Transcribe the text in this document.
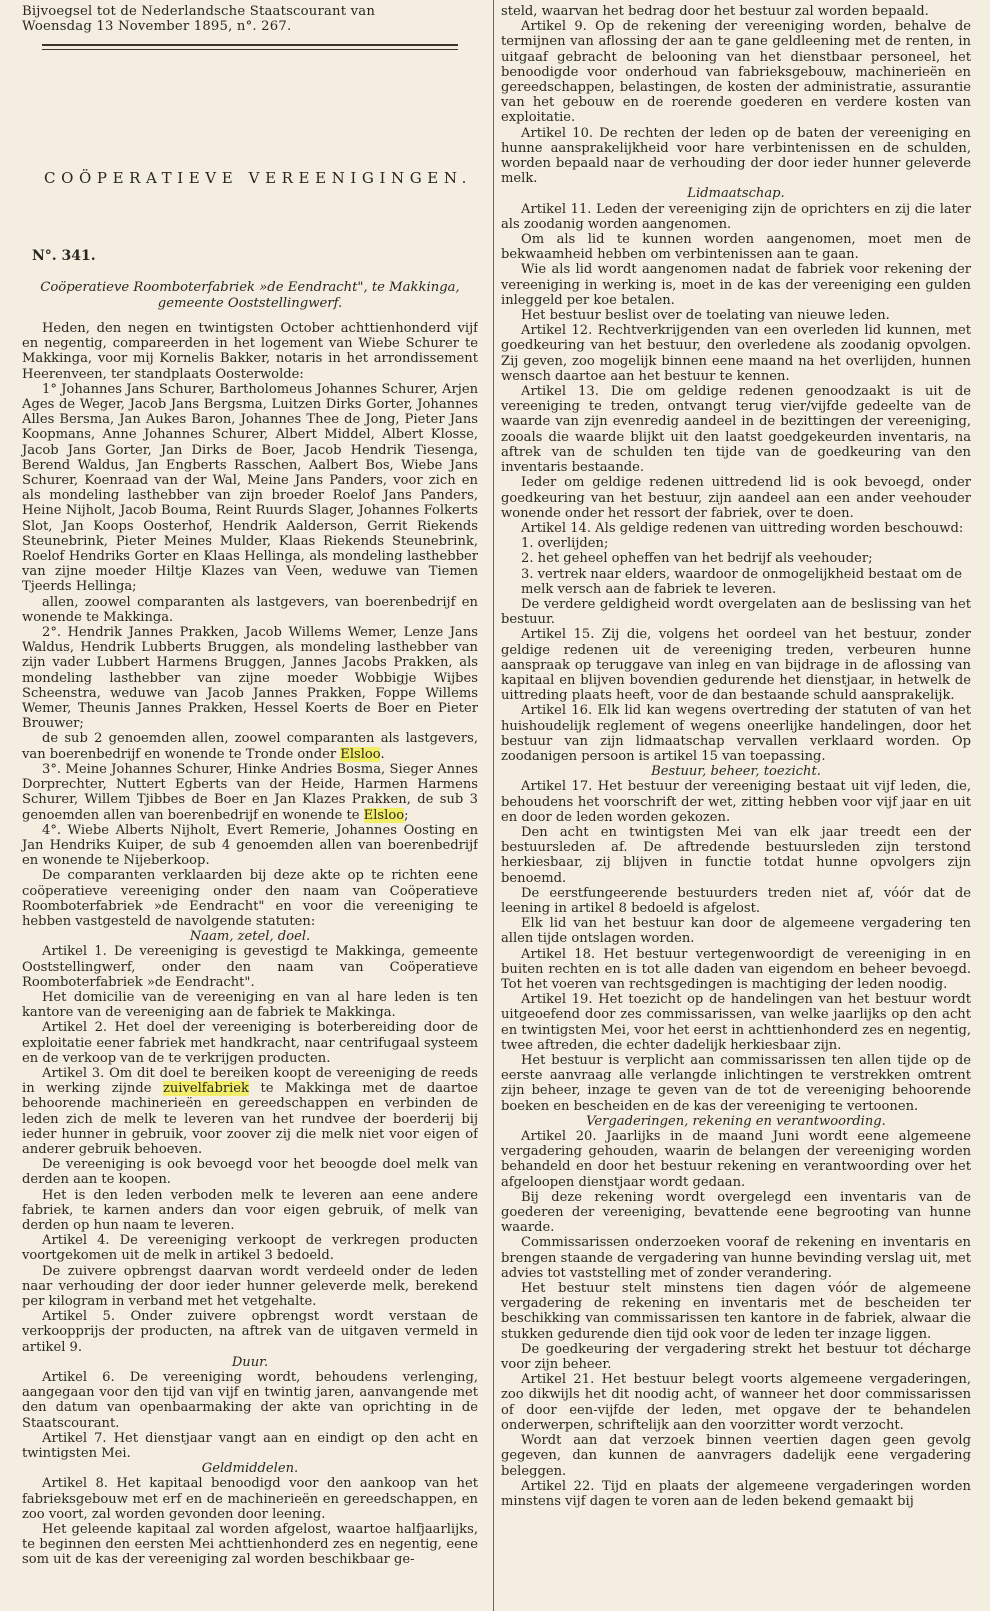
Bijvoegsel tot de Nederlandsche Staatscourant van

Woensdag 13 November 1895, n°. 267.

COÖPERATIEVE VEREENIGINGEN.
N°. 341.
Coöperatieve Roomboterfabriek »de Eendracht", te Makkinga, gemeente Ooststellingwerf.

Heden, den negen en twintigsten October achttienhonderd vijf en negentig, compareerden in het logement van Wiebe Schurer te Makkinga, voor mij Kornelis Bakker, notaris in het arrondissement Heerenveen, ter standplaats Oosterwolde:

1° Johannes Jans Schurer, Bartholomeus Johannes Schurer, Arjen Ages de Weger, Jacob Jans Bergsma, Luitzen Dirks Gorter, Johannes Alles Bersma, Jan Aukes Baron, Johannes Thee de Jong, Pieter Jans Koopmans, Anne Johannes Schurer, Albert Middel, Albert Klosse, Jacob Jans Gorter, Jan Dirks de Boer, Jacob Hendrik Tiesenga, Berend Waldus, Jan Engberts Rasschen, Aalbert Bos, Wiebe Jans Schurer, Koenraad van der Wal, Meine Jans Panders, voor zich en als mondeling lasthebber van zijn broeder Roelof Jans Panders, Heine Nijholt, Jacob Bouma, Reint Ruurds Slager, Johannes Folkerts Slot, Jan Koops Oosterhof, Hendrik Aalderson, Gerrit Riekends Steunebrink, Pieter Meines Mulder, Klaas Riekends Steunebrink, Roelof Hendriks Gorter en Klaas Hellinga, als mondeling lasthebber van zijne moeder Hiltje Klazes van Veen, weduwe van Tiemen Tjeerds Hellinga;

allen, zoowel comparanten als lastgevers, van boerenbedrijf en wonende te Makkinga.

2°. Hendrik Jannes Prakken, Jacob Willems Wemer, Lenze Jans Waldus, Hendrik Lubberts Bruggen, als mondeling lasthebber van zijn vader Lubbert Harmens Bruggen, Jannes Jacobs Prakken, als mondeling lasthebber van zijne moeder Wobbigje Wijbes Scheenstra, weduwe van Jacob Jannes Prakken, Foppe Willems Wemer, Theunis Jannes Prakken, Hessel Koerts de Boer en Pieter Brouwer;

de sub 2 genoemden allen, zoowel comparanten als lastgevers, van boerenbedrijf en wonende te Tronde onder Elsloo.

3°. Meine Johannes Schurer, Hinke Andries Bosma, Sieger Annes Dorprechter, Nuttert Egberts van der Heide, Harmen Harmens Schurer, Willem Tjibbes de Boer en Jan Klazes Prakken, de sub 3 genoemden allen van boerenbedrijf en wonende te Elsloo;

4°. Wiebe Alberts Nijholt, Evert Remerie, Johannes Oosting en Jan Hendriks Kuiper, de sub 4 genoemden allen van boerenbedrijf en wonende te Nijeberkoop.

De comparanten verklaarden bij deze akte op te richten eene coöperatieve vereeniging onder den naam van Coöperatieve Roomboterfabriek »de Eendracht" en voor die vereeniging te hebben vastgesteld de navolgende statuten:

Naam, zetel, doel.

Artikel 1. De vereeniging is gevestigd te Makkinga, gemeente Ooststellingwerf, onder den naam van Coöperatieve Roomboterfabriek »de Eendracht".

Het domicilie van de vereeniging en van al hare leden is ten kantore van de vereeniging aan de fabriek te Makkinga.

Artikel 2. Het doel der vereeniging is boterbereiding door de exploitatie eener fabriek met handkracht, naar centrifugaal systeem en de verkoop van de te verkrijgen producten.

Artikel 3. Om dit doel te bereiken koopt de vereeniging de reeds in werking zijnde zuivelfabriek te Makkinga met de daartoe behoorende machinerieën en gereedschappen en verbinden de leden zich de melk te leveren van het rundvee der boerderij bij ieder hunner in gebruik, voor zoover zij die melk niet voor eigen of anderer gebruik behoeven.

De vereeniging is ook bevoegd voor het beoogde doel melk van derden aan te koopen.

Het is den leden verboden melk te leveren aan eene andere fabriek, te karnen anders dan voor eigen gebruik, of melk van derden op hun naam te leveren.

Artikel 4. De vereeniging verkoopt de verkregen producten voortgekomen uit de melk in artikel 3 bedoeld.

De zuivere opbrengst daarvan wordt verdeeld onder de leden naar verhouding der door ieder hunner geleverde melk, berekend per kilogram in verband met het vetgehalte.

Artikel 5. Onder zuivere opbrengst wordt verstaan de verkoopprijs der producten, na aftrek van de uitgaven vermeld in artikel 9.

Duur.

Artikel 6. De vereeniging wordt, behoudens verlenging, aangegaan voor den tijd van vijf en twintig jaren, aanvangende met den datum van openbaarmaking der akte van oprichting in de Staatscourant.

Artikel 7. Het dienstjaar vangt aan en eindigt op den acht en twintigsten Mei.

Geldmiddelen.

Artikel 8. Het kapitaal benoodigd voor den aankoop van het fabrieksgebouw met erf en de machinerieën en gereedschappen, en zoo voort, zal worden gevonden door leening.

Het geleende kapitaal zal worden afgelost, waartoe halfjaarlijks, te beginnen den eersten Mei achttienhonderd zes en negentig, eene som uit de kas der vereeniging zal worden beschikbaar ge-

steld, waarvan het bedrag door het bestuur zal worden bepaald.

Artikel 9. Op de rekening der vereeniging worden, behalve de termijnen van aflossing der aan te gane geldleening met de renten, in uitgaaf gebracht de belooning van het dienstbaar personeel, het benoodigde voor onderhoud van fabrieksgebouw, machinerieën en gereedschappen, belastingen, de kosten der administratie, assurantie van het gebouw en de roerende goederen en verdere kosten van exploitatie.

Artikel 10. De rechten der leden op de baten der vereeniging en hunne aansprakelijkheid voor hare verbintenissen en de schulden, worden bepaald naar de verhouding der door ieder hunner geleverde melk.

Lidmaatschap.

Artikel 11. Leden der vereeniging zijn de oprichters en zij die later als zoodanig worden aangenomen.

Om als lid te kunnen worden aangenomen, moet men de bekwaamheid hebben om verbintenissen aan te gaan.

Wie als lid wordt aangenomen nadat de fabriek voor rekening der vereeniging in werking is, moet in de kas der vereeniging een gulden inleggeld per koe betalen.

Het bestuur beslist over de toelating van nieuwe leden.

Artikel 12. Rechtverkrijgenden van een overleden lid kunnen, met goedkeuring van het bestuur, den overledene als zoodanig opvolgen. Zij geven, zoo mogelijk binnen eene maand na het overlijden, hunnen wensch daartoe aan het bestuur te kennen.

Artikel 13. Die om geldige redenen genoodzaakt is uit de vereeniging te treden, ontvangt terug vier/vijfde gedeelte van de waarde van zijn evenredig aandeel in de bezittingen der vereeniging, zooals die waarde blijkt uit den laatst goedgekeurden inventaris, na aftrek van de schulden ten tijde van de goedkeuring van den inventaris bestaande.

Ieder om geldige redenen uittredend lid is ook bevoegd, onder goedkeuring van het bestuur, zijn aandeel aan een ander veehouder wonende onder het ressort der fabriek, over te doen.

Artikel 14. Als geldige redenen van uittreding worden beschouwd:

1. overlijden;

2. het geheel opheffen van het bedrijf als veehouder;

3. vertrek naar elders, waardoor de onmogelijkheid bestaat om de melk versch aan de fabriek te leveren.

De verdere geldigheid wordt overgelaten aan de beslissing van het bestuur.

Artikel 15. Zij die, volgens het oordeel van het bestuur, zonder geldige redenen uit de vereeniging treden, verbeuren hunne aanspraak op teruggave van inleg en van bijdrage in de aflossing van kapitaal en blijven bovendien gedurende het dienstjaar, in hetwelk de uittreding plaats heeft, voor de dan bestaande schuld aansprakelijk.

Artikel 16. Elk lid kan wegens overtreding der statuten of van het huishoudelijk reglement of wegens oneerlijke handelingen, door het bestuur van zijn lidmaatschap vervallen verklaard worden. Op zoodanigen persoon is artikel 15 van toepassing.

Bestuur, beheer, toezicht.

Artikel 17. Het bestuur der vereeniging bestaat uit vijf leden, die, behoudens het voorschrift der wet, zitting hebben voor vijf jaar en uit en door de leden worden gekozen.

Den acht en twintigsten Mei van elk jaar treedt een der bestuursleden af. De aftredende bestuursleden zijn terstond herkiesbaar, zij blijven in functie totdat hunne opvolgers zijn benoemd.

De eerstfungeerende bestuurders treden niet af, vóór dat de leening in artikel 8 bedoeld is afgelost.

Elk lid van het bestuur kan door de algemeene vergadering ten allen tijde ontslagen worden.

Artikel 18. Het bestuur vertegenwoordigt de vereeniging in en buiten rechten en is tot alle daden van eigendom en beheer bevoegd. Tot het voeren van rechtsgedingen is machtiging der leden noodig.

Artikel 19. Het toezicht op de handelingen van het bestuur wordt uitgeoefend door zes commissarissen, van welke jaarlijks op den acht en twintigsten Mei, voor het eerst in achttienhonderd zes en negentig, twee aftreden, die echter dadelijk herkiesbaar zijn.

Het bestuur is verplicht aan commissarissen ten allen tijde op de eerste aanvraag alle verlangde inlichtingen te verstrekken omtrent zijn beheer, inzage te geven van de tot de vereeniging behoorende boeken en bescheiden en de kas der vereeniging te vertoonen.

Vergaderingen, rekening en verantwoording.

Artikel 20. Jaarlijks in de maand Juni wordt eene algemeene vergadering gehouden, waarin de belangen der vereeniging worden behandeld en door het bestuur rekening en verantwoording over het afgeloopen dienstjaar wordt gedaan.

Bij deze rekening wordt overgelegd een inventaris van de goederen der vereeniging, bevattende eene begrooting van hunne waarde.

Commissarissen onderzoeken vooraf de rekening en inventaris en brengen staande de vergadering van hunne bevinding verslag uit, met advies tot vaststelling met of zonder verandering.

Het bestuur stelt minstens tien dagen vóór de algemeene vergadering de rekening en inventaris met de bescheiden ter beschikking van commissarissen ten kantore in de fabriek, alwaar die stukken gedurende dien tijd ook voor de leden ter inzage liggen.

De goedkeuring der vergadering strekt het bestuur tot décharge voor zijn beheer.

Artikel 21. Het bestuur belegt voorts algemeene vergaderingen, zoo dikwijls het dit noodig acht, of wanneer het door commissarissen of door een-vijfde der leden, met opgave der te behandelen onderwerpen, schriftelijk aan den voorzitter wordt verzocht.

Wordt aan dat verzoek binnen veertien dagen geen gevolg gegeven, dan kunnen de aanvragers dadelijk eene vergadering beleggen.

Artikel 22. Tijd en plaats der algemeene vergaderingen worden minstens vijf dagen te voren aan de leden bekend gemaakt bij
